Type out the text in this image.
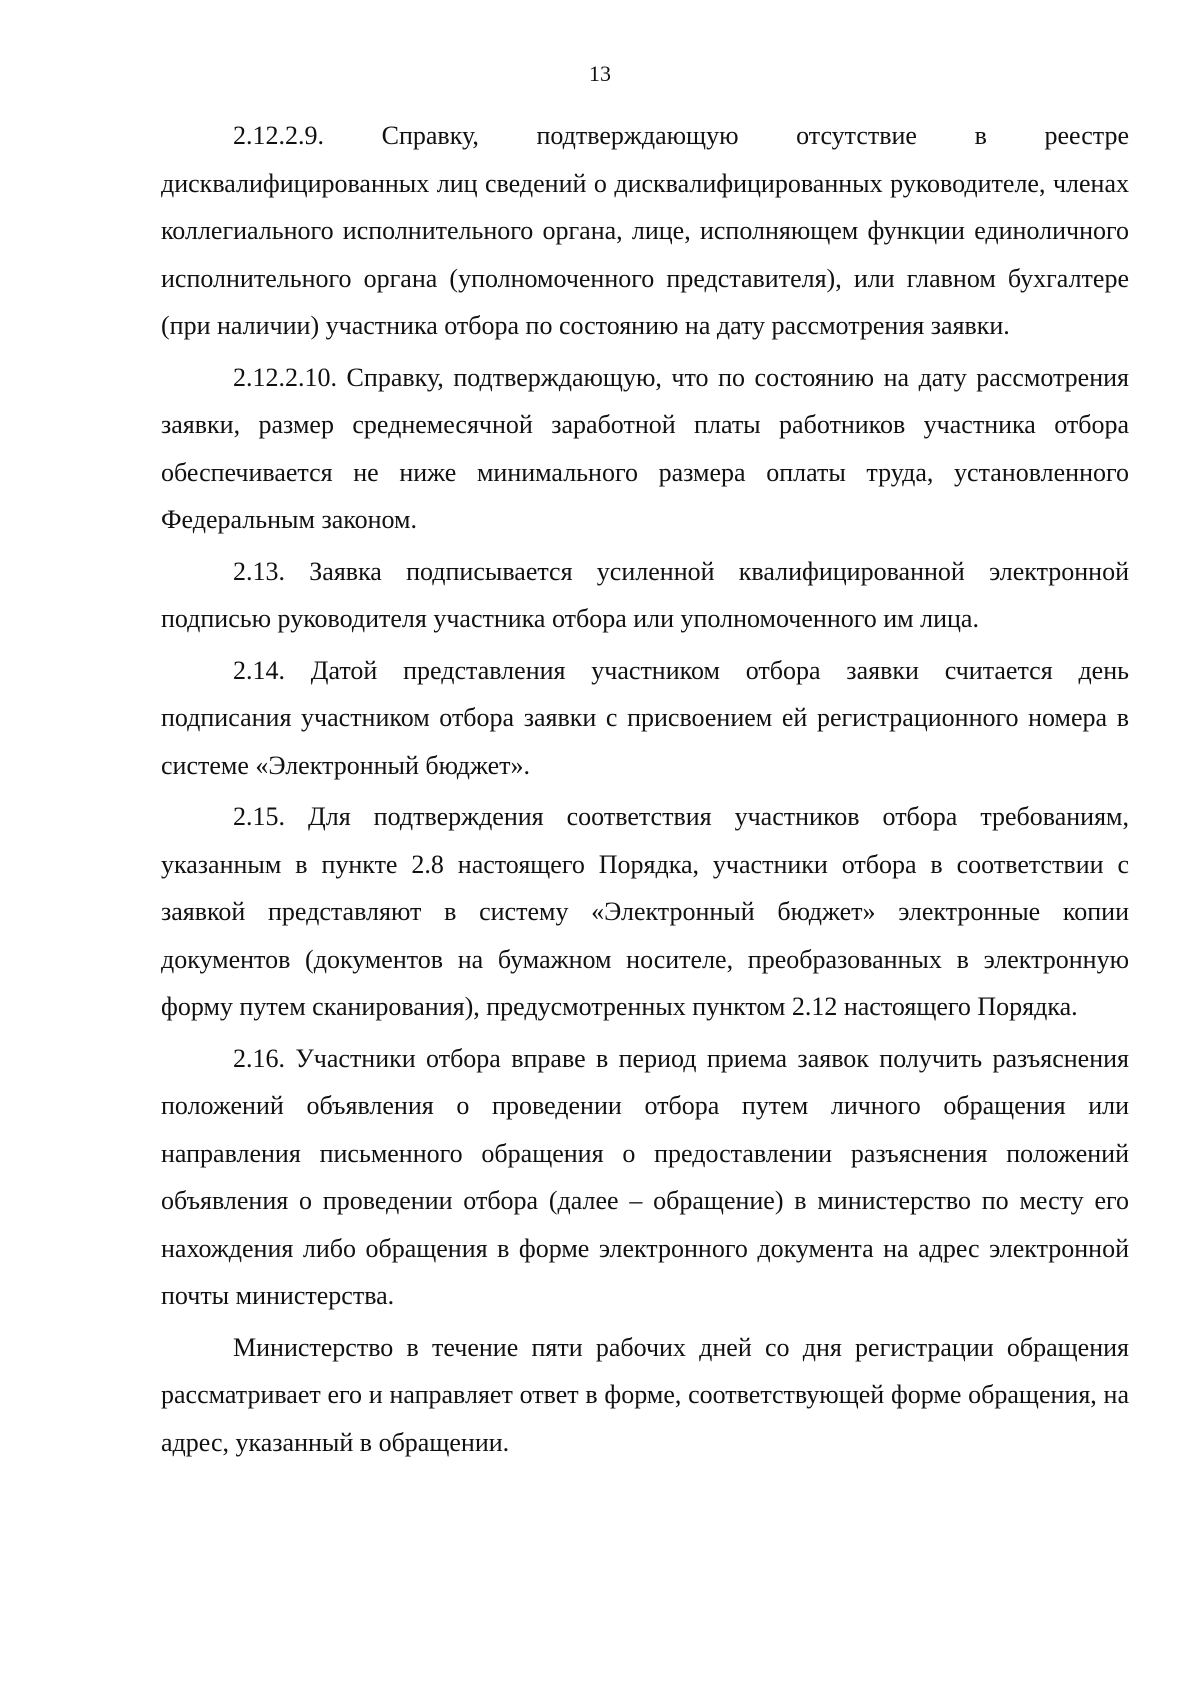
13

2.12.2.9. Справку, подтверждающую отсутствие в реестре дисквалифицированных лиц сведений о дисквалифицированных руководителе, членах коллегиального исполнительного органа, лице, исполняющем функции единоличного исполнительного органа (уполномоченного представителя), или главном бухгалтере (при наличии) участника отбора по состоянию на дату рассмотрения заявки.

2.12.2.10. Справку, подтверждающую, что по состоянию на дату рассмотрения заявки, размер среднемесячной заработной платы работников участника отбора обеспечивается не ниже минимального размера оплаты труда, установленного Федеральным законом.

2.13. Заявка подписывается усиленной квалифицированной электронной подписью руководителя участника отбора или уполномоченного им лица.

2.14. Датой представления участником отбора заявки считается день подписания участником отбора заявки с присвоением ей регистрационного номера в системе «Электронный бюджет».

2.15. Для подтверждения соответствия участников отбора требованиям, указанным в пункте 2.8 настоящего Порядка, участники отбора в соответствии с заявкой представляют в систему «Электронный бюджет» электронные копии документов (документов на бумажном носителе, преобразованных в электронную форму путем сканирования), предусмотренных пунктом 2.12 настоящего Порядка.

2.16. Участники отбора вправе в период приема заявок получить разъяснения положений объявления о проведении отбора путем личного обращения или направления письменного обращения о предоставлении разъяснения положений объявления о проведении отбора (далее – обращение) в министерство по месту его нахождения либо обращения в форме электронного документа на адрес электронной почты министерства.

Министерство в течение пяти рабочих дней со дня регистрации обращения рассматривает его и направляет ответ в форме, соответствующей форме обращения, на адрес, указанный в обращении.
